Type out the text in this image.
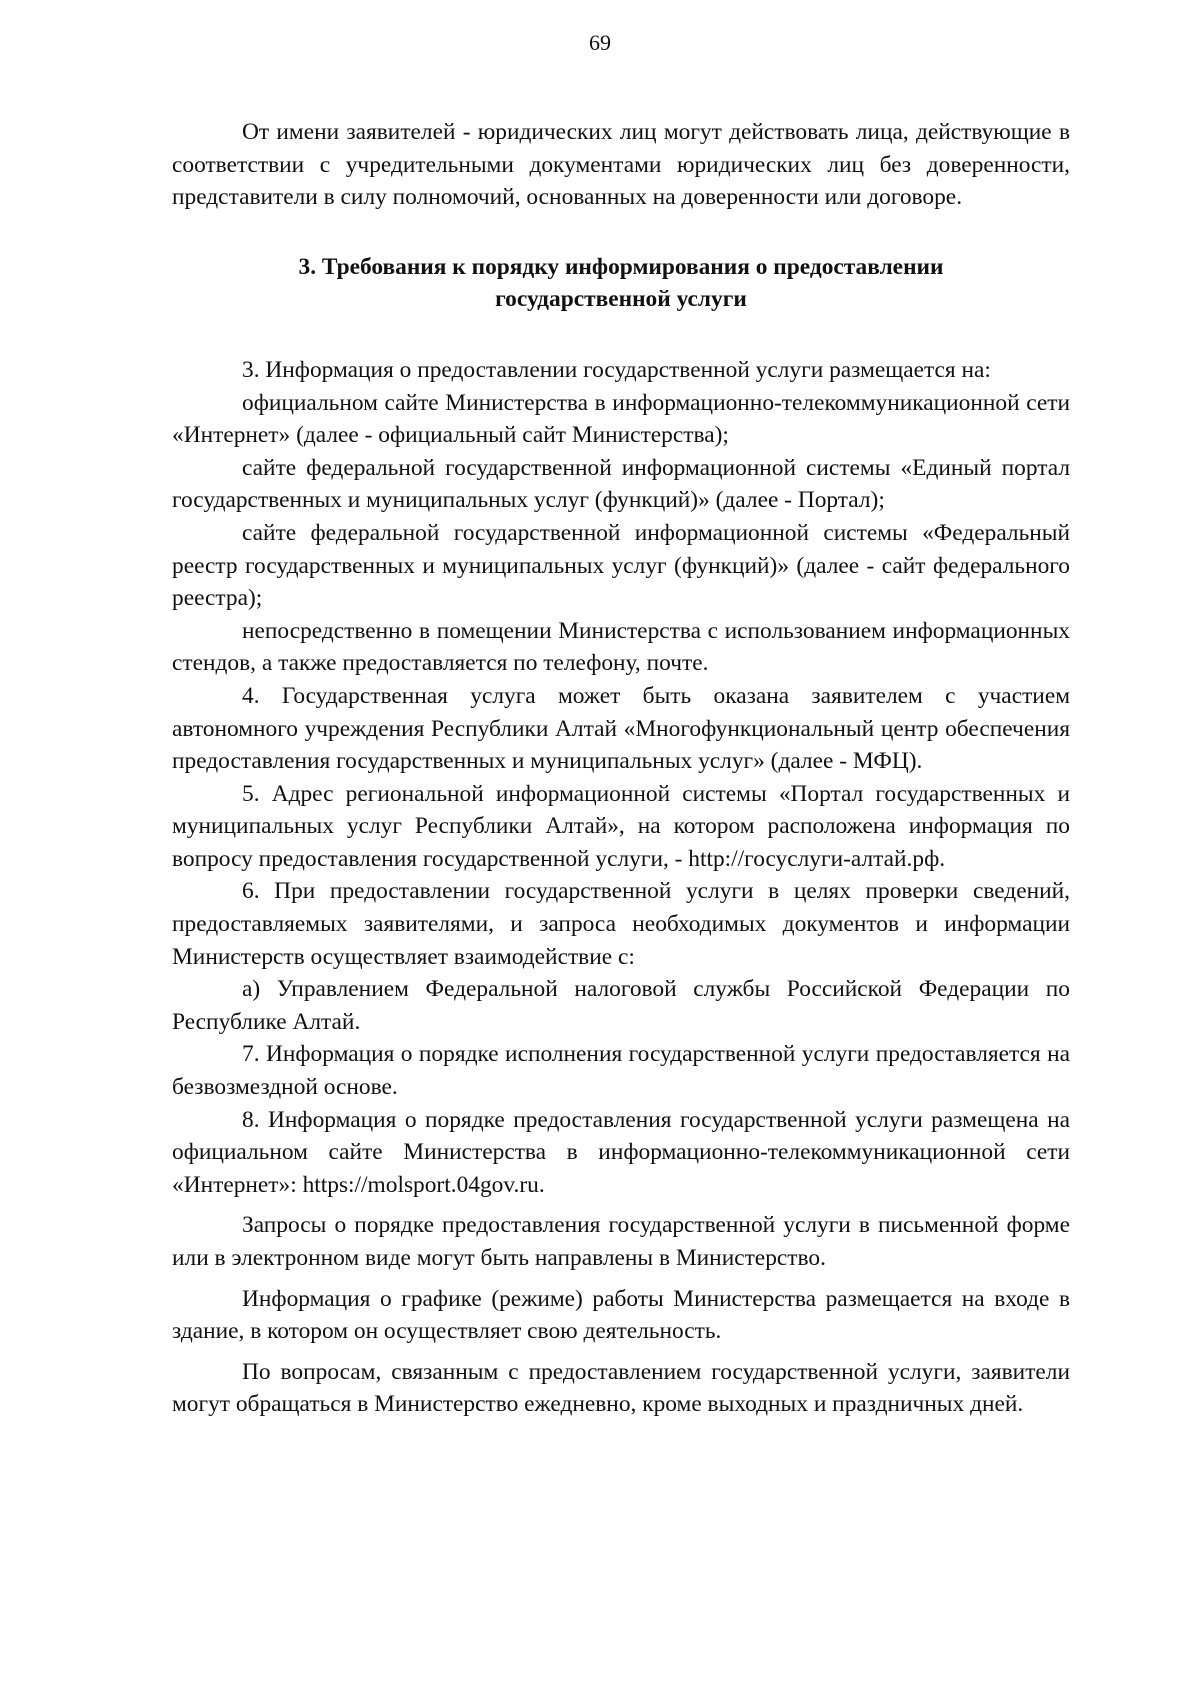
69

От имени заявителей - юридических лиц могут действовать лица, действующие в соответствии с учредительными документами юридических лиц без доверенности, представители в силу полномочий, основанных на доверенности или договоре.

3. Требования к порядку информирования о предоставлении
государственной услуги

3. Информация о предоставлении государственной услуги размещается на:

официальном сайте Министерства в информационно-телекоммуникационной сети «Интернет» (далее - официальный сайт Министерства);

сайте федеральной государственной информационной системы «Единый портал государственных и муниципальных услуг (функций)» (далее - Портал);

сайте федеральной государственной информационной системы «Федеральный реестр государственных и муниципальных услуг (функций)» (далее - сайт федерального реестра);

непосредственно в помещении Министерства с использованием информационных стендов, а также предоставляется по телефону, почте.

4. Государственная услуга может быть оказана заявителем с участием автономного учреждения Республики Алтай «Многофункциональный центр обеспечения предоставления государственных и муниципальных услуг» (далее - МФЦ).

5. Адрес региональной информационной системы «Портал государственных и муниципальных услуг Республики Алтай», на котором расположена информация по вопросу предоставления государственной услуги, - http://госуслуги-алтай.рф.

6. При предоставлении государственной услуги в целях проверки сведений, предоставляемых заявителями, и запроса необходимых документов и информации Министерств осуществляет взаимодействие с:

а) Управлением Федеральной налоговой службы Российской Федерации по Республике Алтай.

7. Информация о порядке исполнения государственной услуги предоставляется на безвозмездной основе.

8. Информация о порядке предоставления государственной услуги размещена на официальном сайте Министерства в информационно-телекоммуникационной сети «Интернет»: https://molsport.04gov.ru.

Запросы о порядке предоставления государственной услуги в письменной форме или в электронном виде могут быть направлены в Министерство.

Информация о графике (режиме) работы Министерства размещается на входе в здание, в котором он осуществляет свою деятельность.

По вопросам, связанным с предоставлением государственной услуги, заявители могут обращаться в Министерство ежедневно, кроме выходных и праздничных дней.
